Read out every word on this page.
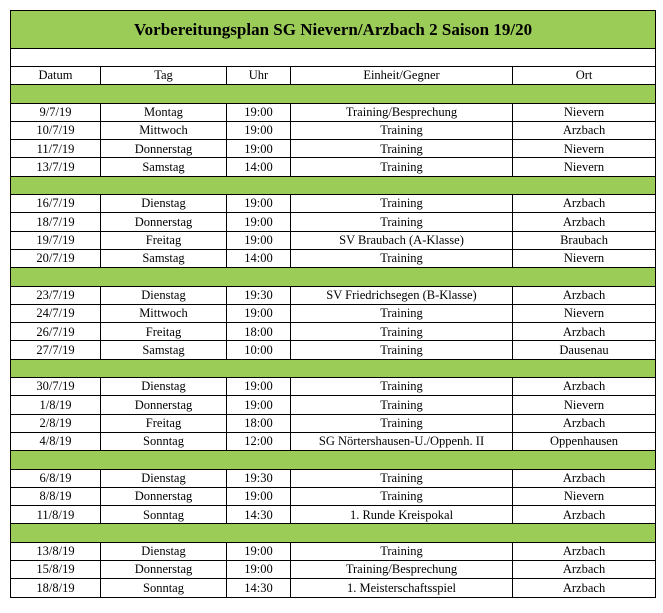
Vorbereitungsplan SG Nievern/Arzbach 2 Saison 19/20				

Datum	Tag	Uhr	Einheit/Gegner	Ort

9/7/19	Montag	19:00	Training/Besprechung	Nievern
10/7/19	Mittwoch	19:00	Training	Arzbach
11/7/19	Donnerstag	19:00	Training	Nievern
13/7/19	Samstag	14:00	Training	Nievern

16/7/19	Dienstag	19:00	Training	Arzbach
18/7/19	Donnerstag	19:00	Training	Arzbach
19/7/19	Freitag	19:00	SV Braubach (A-Klasse)	Braubach
20/7/19	Samstag	14:00	Training	Nievern

23/7/19	Dienstag	19:30	SV Friedrichsegen (B-Klasse)	Arzbach
24/7/19	Mittwoch	19:00	Training	Nievern
26/7/19	Freitag	18:00	Training	Arzbach
27/7/19	Samstag	10:00	Training	Dausenau

30/7/19	Dienstag	19:00	Training	Arzbach
1/8/19	Donnerstag	19:00	Training	Nievern
2/8/19	Freitag	18:00	Training	Arzbach
4/8/19	Sonntag	12:00	SG Nörtershausen-U./Oppenh. II	Oppenhausen

6/8/19	Dienstag	19:30	Training	Arzbach
8/8/19	Donnerstag	19:00	Training	Nievern
11/8/19	Sonntag	14:30	1. Runde Kreispokal	Arzbach

13/8/19	Dienstag	19:00	Training	Arzbach
15/8/19	Donnerstag	19:00	Training/Besprechung	Arzbach
18/8/19	Sonntag	14:30	1. Meisterschaftsspiel	Arzbach
